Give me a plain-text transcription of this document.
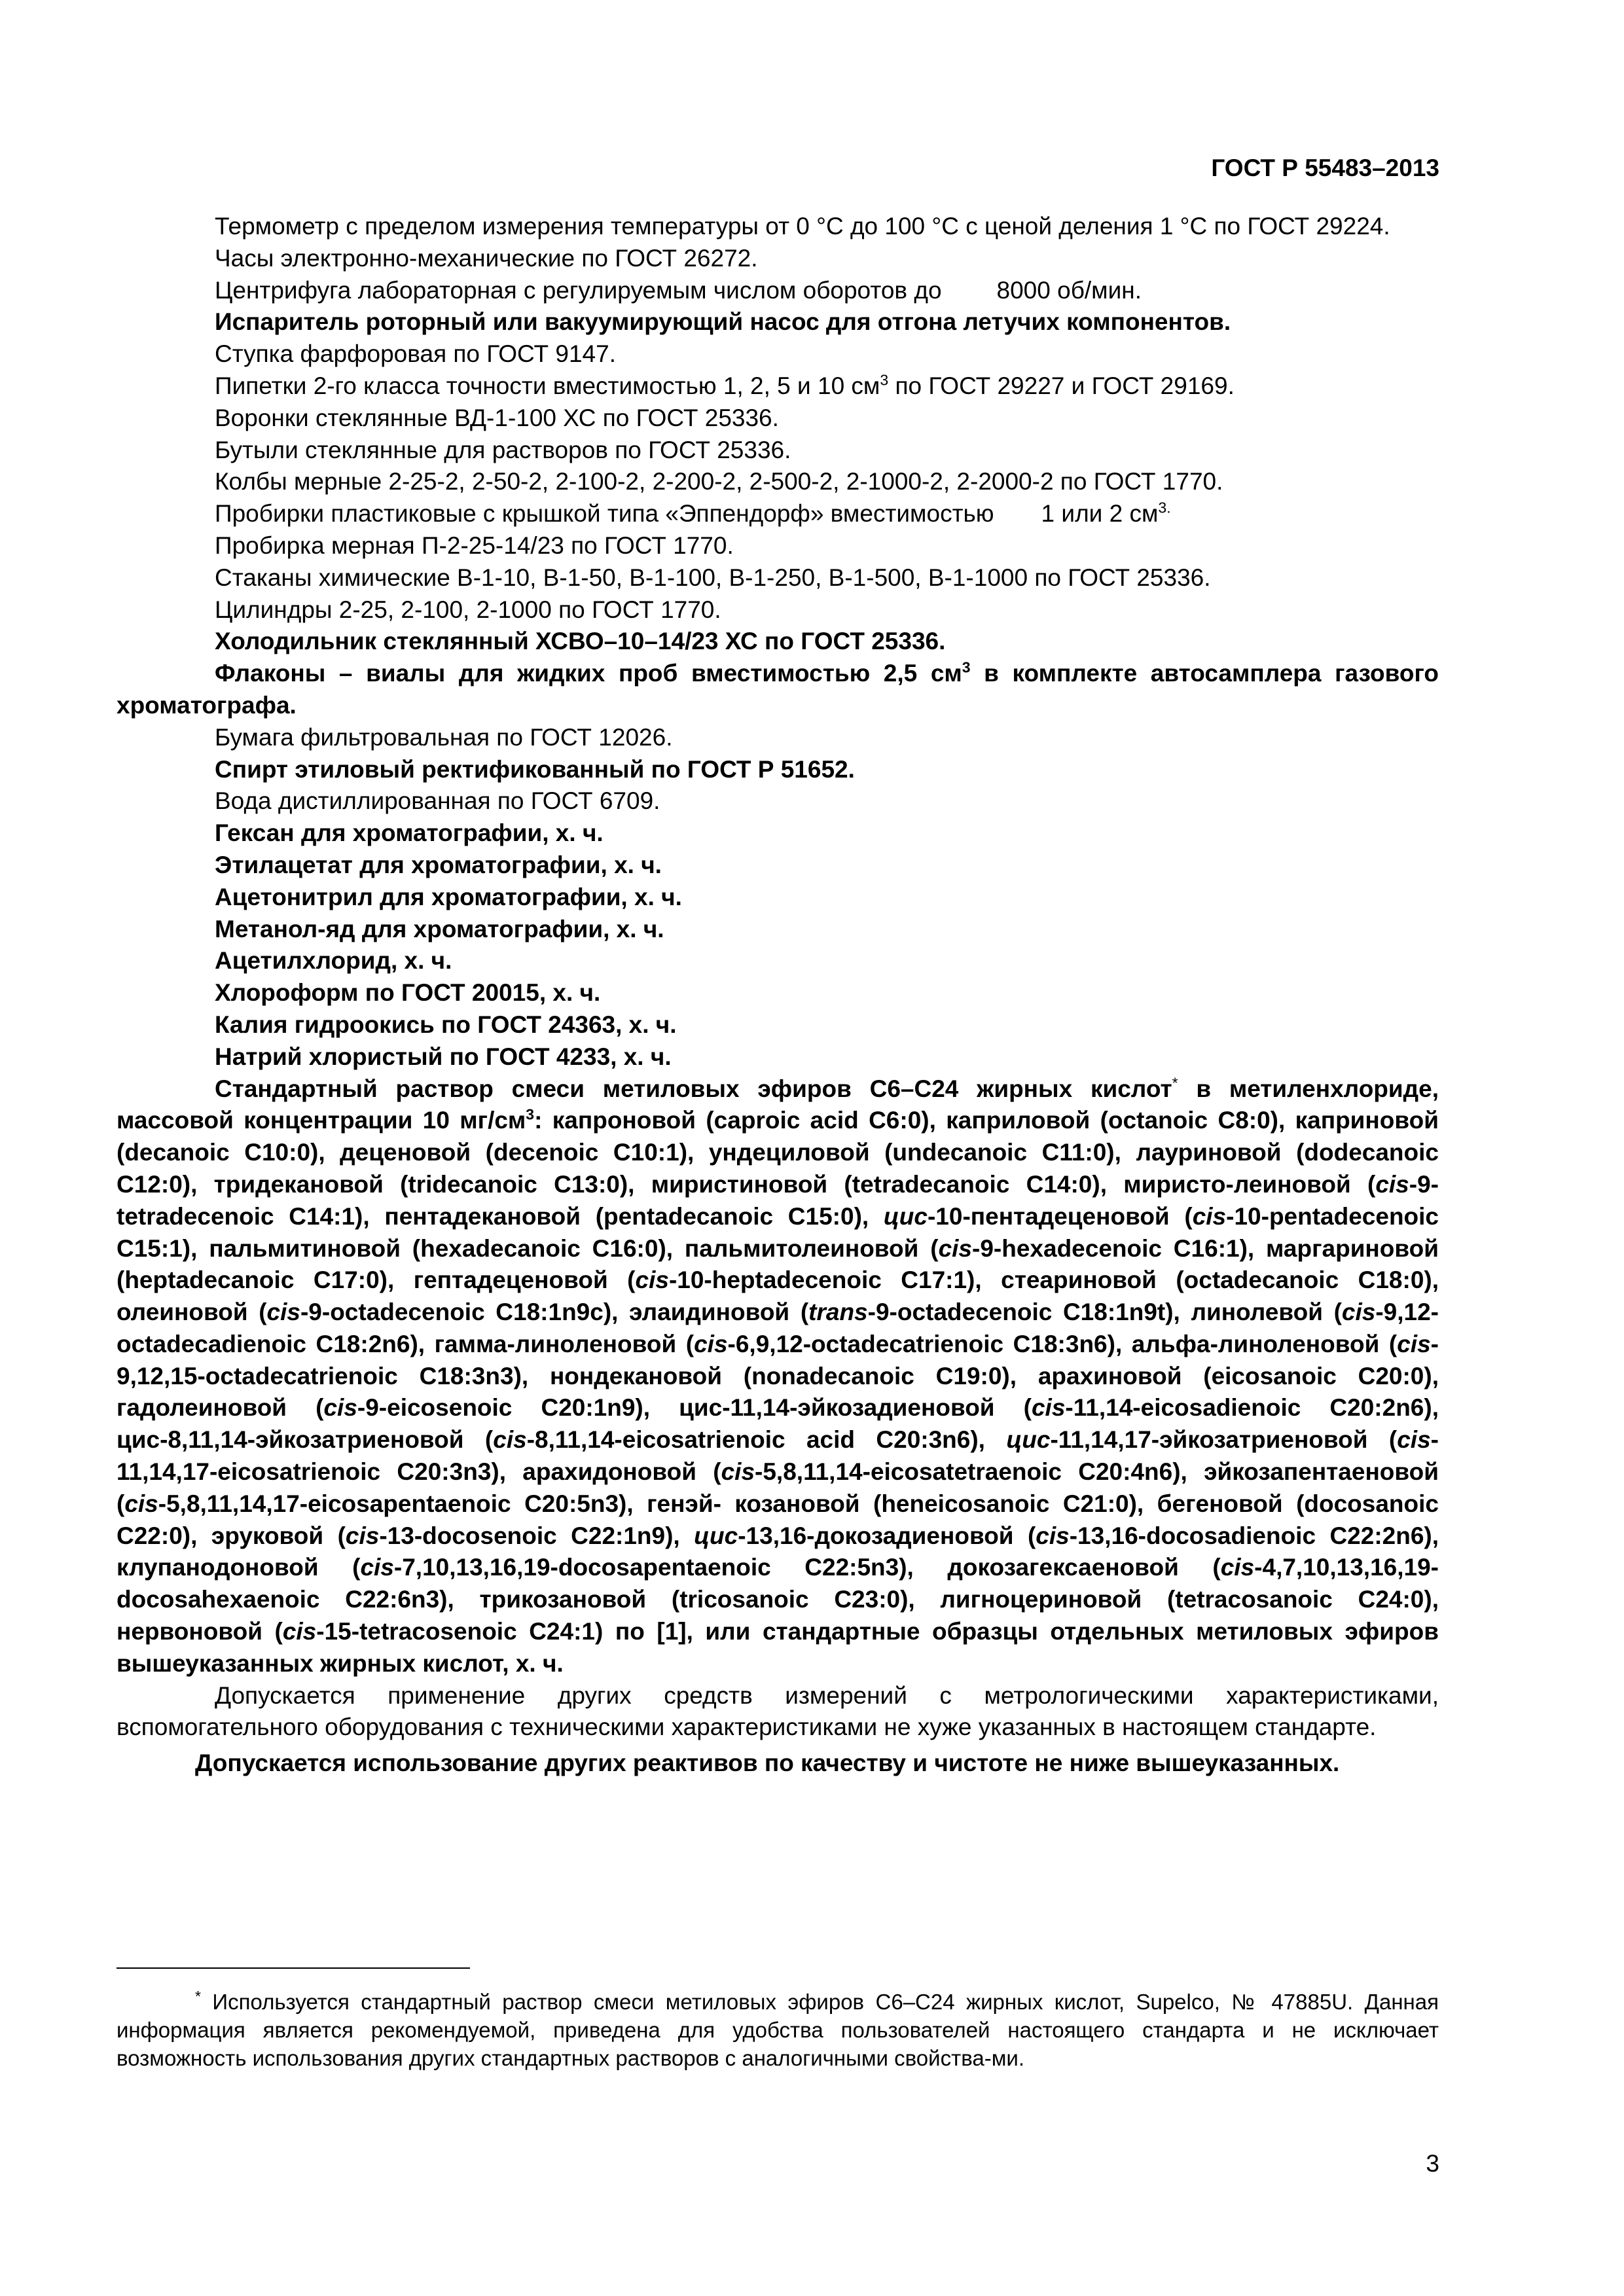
ГОСТ Р 55483–2013

Термометр с пределом измерения температуры от 0 °С до 100 °С с ценой деления 1 °С по ГОСТ 29224.

Часы электронно-механические по ГОСТ 26272.

Центрифуга лабораторная с регулируемым числом оборотов до 8000 об/мин.

Испаритель роторный или вакуумирующий насос для отгона летучих компонентов.

Ступка фарфоровая по ГОСТ 9147.

Пипетки 2-го класса точности вместимостью 1, 2, 5 и 10 $см^3$ по ГОСТ 29227 и ГОСТ 29169.

Воронки стеклянные ВД-1-100 ХС по ГОСТ 25336.

Бутыли стеклянные для растворов по ГОСТ 25336.

Колбы мерные 2-25-2, 2-50-2, 2-100-2, 2-200-2, 2-500-2, 2-1000-2, 2-2000-2 по ГОСТ 1770.

Пробирки пластиковые с крышкой типа «Эппендорф» вместимостью 1 или 2 $см^{3.}$

Пробирка мерная П-2-25-14/23 по ГОСТ 1770.

Стаканы химические В-1-10, В-1-50, В-1-100, В-1-250, В-1-500, В-1-1000 по ГОСТ 25336.

Цилиндры 2-25, 2-100, 2-1000 по ГОСТ 1770.

Холодильник стеклянный ХСВО–10–14/23 ХС по ГОСТ 25336.

Флаконы – виалы для жидких проб вместимостью 2,5 $см^3$ в комплекте автосамплера газового хроматографа.

Бумага фильтровальная по ГОСТ 12026.

Спирт этиловый ректификованный по ГОСТ Р 51652.

Вода дистиллированная по ГОСТ 6709.

Гексан для хроматографии, х. ч.

Этилацетат для хроматографии, х. ч.

Ацетонитрил для хроматографии, х. ч.

Метанол-яд для хроматографии, х. ч.

Ацетилхлорид, х. ч.

Хлороформ по ГОСТ 20015, х. ч.

Калия гидроокись по ГОСТ 24363, х. ч.

Натрий хлористый по ГОСТ 4233, х. ч.

Стандартный раствор смеси метиловых эфиров С6–С24 жирных кислот* в метиленхлориде, массовой концентрации 10 $мг/см^3$: капроновой (caproic acid C6:0), каприловой (octanoic C8:0), каприновой (decanoic C10:0), деценовой (decenoic C10:1), ундециловой (undecanoic C11:0), лауриновой (dodecanoic C12:0), тридекановой (tridecanoic C13:0), миристиновой (tetradecanoic C14:0), миристо-леиновой (cis-9-tetradecenoic C14:1), пентадекановой (pentadecanoic C15:0), цис-10-пентадеценовой (cis-10-pentadecenoic C15:1), пальмитиновой (hexadecanoic C16:0), пальмитолеиновой (cis-9-hexadecenoic C16:1), маргариновой (heptadecanoic C17:0), гептадеценовой (cis-10-heptadecenoic C17:1), стеариновой (octadecanoic C18:0), олеиновой (cis-9-octadecenoic C18:1n9c), элаидиновой (trans-9-octadecenoic C18:1n9t), линолевой (cis-9,12-octadecadienoic C18:2n6), гамма-линоленовой (cis-6,9,12-octadecatrienoic C18:3n6), альфа-линоленовой (cis-9,12,15-octadecatrienoic C18:3n3), нондекановой (nonadecanoic C19:0), арахиновой (eicosanoic C20:0), гадолеиновой (cis-9-eicosenoic C20:1n9), цис-11,14-эйкозадиеновой (cis-11,14-eicosadienoic C20:2n6), цис-8,11,14-эйкозатриеновой (cis-8,11,14-eicosatrienoic acid C20:3n6), цис-11,14,17-эйкозатриеновой (cis-11,14,17-eicosatrienoic C20:3n3), арахидоновой (cis-5,8,11,14-eicosatetraenoic C20:4n6), эйкозапентаеновой (cis-5,8,11,14,17-eicosapentaenoic C20:5n3), генэй- козановой (heneicosanoic C21:0), бегеновой (docosanoic C22:0), эруковой (cis-13-docosenoic C22:1n9), цис-13,16-докозадиеновой (cis-13,16-docosadienoic C22:2n6), клупанодоновой (cis-7,10,13,16,19-docosapentaenoic C22:5n3), докозагексаеновой (cis-4,7,10,13,16,19-docosahexaenoic C22:6n3), трикозановой (tricosanoic C23:0), лигноцериновой (tetracosanoic C24:0), нервоновой (cis-15-tetracosenoic C24:1) по [1], или стандартные образцы отдельных метиловых эфиров вышеуказанных жирных кислот, х. ч.

Допускается применение других средств измерений с метрологическими характеристиками, вспомогательного оборудования с техническими характеристиками не хуже указанных в настоящем стандарте.

Допускается использование других реактивов по качеству и чистоте не ниже вышеуказанных.

* Используется стандартный раствор смеси метиловых эфиров С6–С24 жирных кислот, Supelco, № 47885U. Данная информация является рекомендуемой, приведена для удобства пользователей настоящего стандарта и не исключает возможность использования других стандартных растворов с аналогичными свойства-ми.

3
